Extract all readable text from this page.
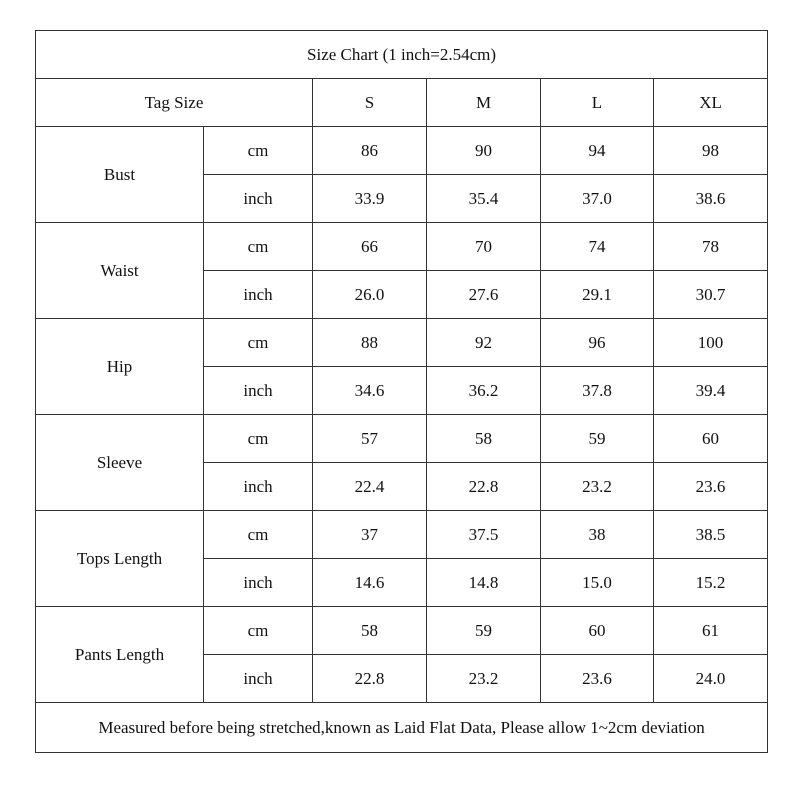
Size Chart (1 inch=2.54cm)					
Tag Size		S	M	L	XL
Bust	cm	86	90	94	98
	inch	33.9	35.4	37.0	38.6
Waist	cm	66	70	74	78
	inch	26.0	27.6	29.1	30.7
Hip	cm	88	92	96	100
	inch	34.6	36.2	37.8	39.4
Sleeve	cm	57	58	59	60
	inch	22.4	22.8	23.2	23.6
Tops Length	cm	37	37.5	38	38.5
	inch	14.6	14.8	15.0	15.2
Pants Length	cm	58	59	60	61
	inch	22.8	23.2	23.6	24.0
Measured before being stretched,known as Laid Flat Data, Please allow 1~2cm deviation					
